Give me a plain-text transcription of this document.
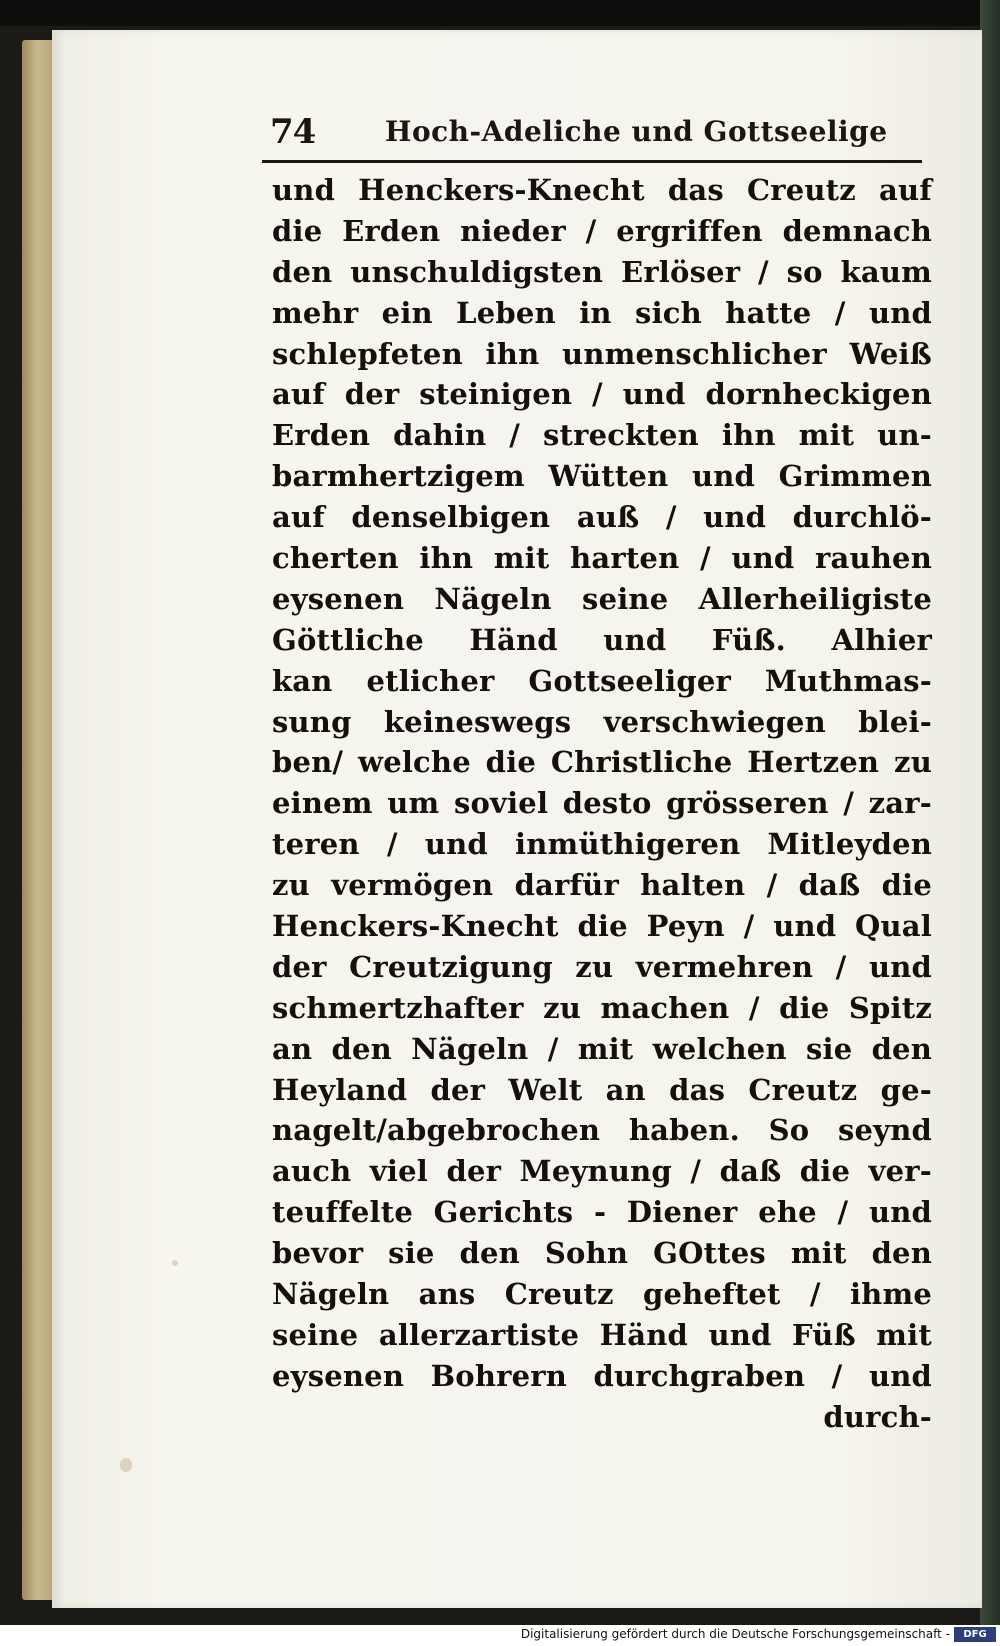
74 Hoch-Adeliche und Gottseelige
und Henckers-Knecht das Creutz auf
die Erden nieder / ergriffen demnach
den unschuldigsten Erlöser / so kaum
mehr ein Leben in sich hatte / und
schlepfeten ihn unmenschlicher Weiß
auf der steinigen / und dornheckigen
Erden dahin / streckten ihn mit un-
barmhertzigem Wütten und Grimmen
auf denselbigen auß / und durchlö-
cherten ihn mit harten / und rauhen
eysenen Nägeln seine Allerheiligiste
Göttliche Händ und Füß. Alhier
kan etlicher Gottseeliger Muthmas-
sung keineswegs verschwiegen blei-
ben/ welche die Christliche Hertzen zu
einem um soviel desto grösseren / zar-
teren / und inmüthigeren Mitleyden
zu vermögen darfür halten / daß die
Henckers-Knecht die Peyn / und Qual
der Creutzigung zu vermehren / und
schmertzhafter zu machen / die Spitz
an den Nägeln / mit welchen sie den
Heyland der Welt an das Creutz ge-
nagelt/abgebrochen haben. So seynd
auch viel der Meynung / daß die ver-
teuffelte Gerichts - Diener ehe / und
bevor sie den Sohn GOttes mit den
Nägeln ans Creutz geheftet / ihme
seine allerzartiste Händ und Füß mit
eysenen Bohrern durchgraben / und
durch-
Digitalisierung gefördert durch die Deutsche Forschungsgemeinschaft -	DFG
